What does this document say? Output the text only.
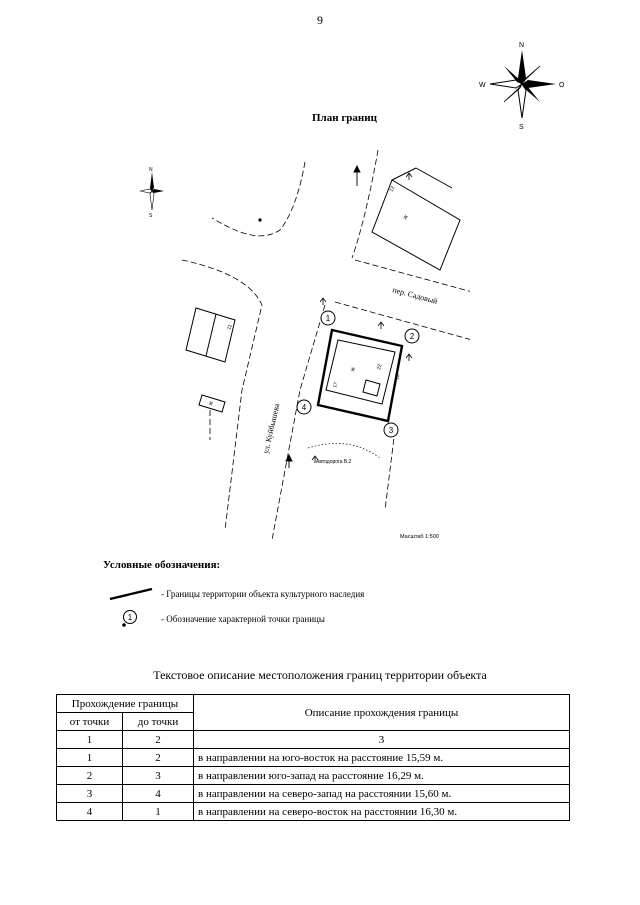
9
N
S
W	O
План границ
1
2
3
4
Ж
12
11
Ж	22
17
15
Ж
Автодорога В.2
пер. Садовый
ул. Куйбышева
Масштаб 1:500
N
S
Условные обозначения:
- Границы территории объекта культурного наследия
1	- Обозначение характерной точки границы
Текстовое описание местоположения границ территории объекта
Прохождение границы		Описание прохождения границы
от точки	до точки	
1	2	3
1	2	в направлении на юго-восток на расстояние 15,59 м.
2	3	в направлении юго-запад на расстояние 16,29 м.
3	4	в направлении на северо-запад на расстоянии 15,60 м.
4	1	в направлении на северо-восток на расстоянии 16,30 м.
